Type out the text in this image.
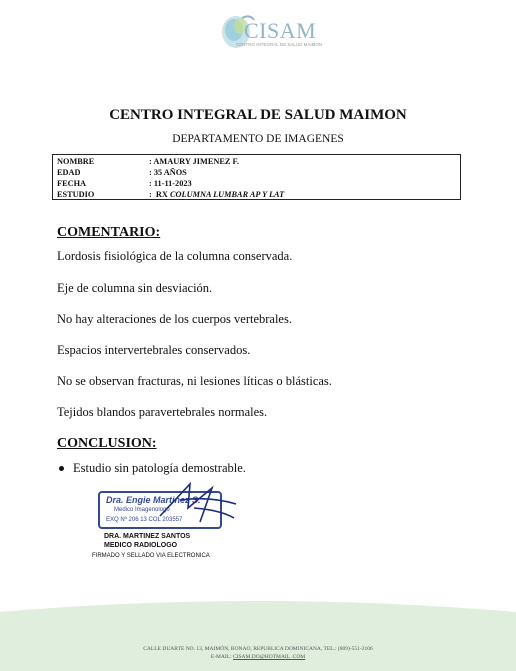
CISAM
CENTRO INTEGRAL DE SALUD MAIMON
CENTRO INTEGRAL DE SALUD MAIMON
DEPARTAMENTO DE IMAGENES
NOMBRE	: AMAURY JIMENEZ F.
EDAD	: 35 AÑOS
FECHA	: 11-11-2023
ESTUDIO	:  RX COLUMNA LUMBAR AP Y LAT
COMENTARIO:
Lordosis fisiológica de la columna conservada.
Eje de columna sin desviación.
No hay alteraciones de los cuerpos vertebrales.
Espacios intervertebrales conservados.
No se observan fracturas, ni lesiones líticas o blásticas.
Tejidos blandos paravertebrales normales.
CONCLUSION:
Estudio sin patología demostrable.
Dra. Engie Martinez S.
Medico Imagenologo
EXQ Nº 206 13 COL 203557
DRA. MARTINEZ SANTOS
MEDICO RADIOLOGO
FIRMADO Y SELLADO VIA ELECTRONICA
CALLE DUARTE NO. 13, MAIMÓN, BONAO, REPUBLICA DOMINICANA, TEL.: (809)-551-2106
E-MAIL: CISAM.DO@HOTMAIL .COM
